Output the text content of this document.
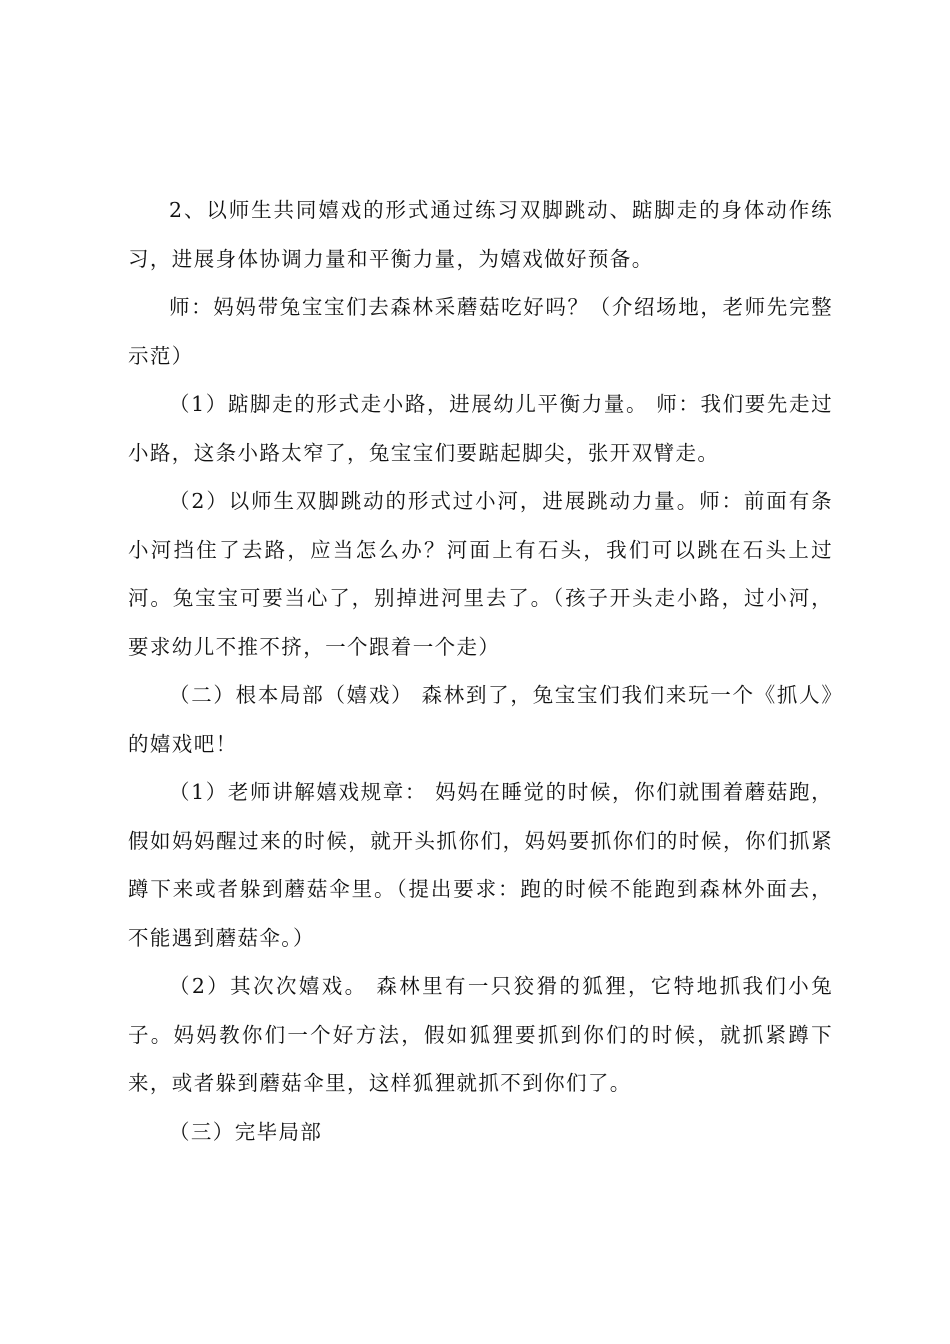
2、以师生共同嬉戏的形式通过练习双脚跳动、踮脚走的身体动作练习，进展身体协调力量和平衡力量，为嬉戏做好预备。

师：妈妈带兔宝宝们去森林采蘑菇吃好吗？（介绍场地，老师先完整示范）

（1）踮脚走的形式走小路，进展幼儿平衡力量。 师：我们要先走过小路，这条小路太窄了，兔宝宝们要踮起脚尖，张开双臂走。

（2）以师生双脚跳动的形式过小河，进展跳动力量。师：前面有条小河挡住了去路，应当怎么办？河面上有石头，我们可以跳在石头上过河。兔宝宝可要当心了，别掉进河里去了。（孩子开头走小路，过小河，要求幼儿不推不挤，一个跟着一个走）

（二）根本局部（嬉戏） 森林到了，兔宝宝们我们来玩一个《抓人》的嬉戏吧！

（1）老师讲解嬉戏规章： 妈妈在睡觉的时候，你们就围着蘑菇跑，假如妈妈醒过来的时候，就开头抓你们，妈妈要抓你们的时候，你们抓紧蹲下来或者躲到蘑菇伞里。（提出要求：跑的时候不能跑到森林外面去，不能遇到蘑菇伞。）

（2）其次次嬉戏。 森林里有一只狡猾的狐狸，它特地抓我们小兔子。妈妈教你们一个好方法，假如狐狸要抓到你们的时候，就抓紧蹲下来，或者躲到蘑菇伞里，这样狐狸就抓不到你们了。

（三）完毕局部
